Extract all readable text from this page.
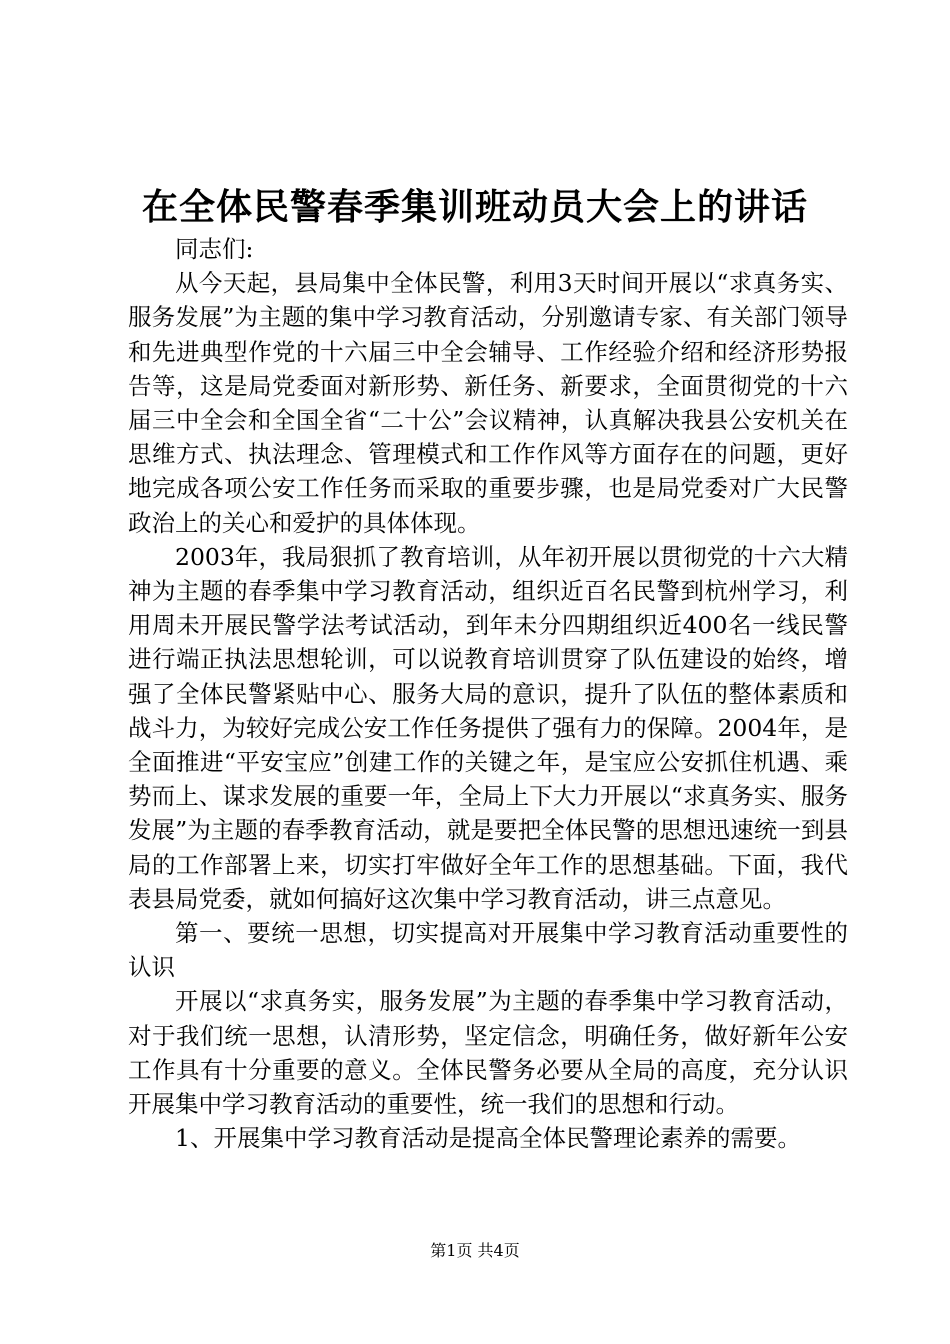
在全体民警春季集训班动员大会上的讲话

同志们:

从今天起，县局集中全体民警，利用3天时间开展以“求真务实、服务发展”为主题的集中学习教育活动，分别邀请专家、有关部门领导和先进典型作党的十六届三中全会辅导、工作经验介绍和经济形势报告等，这是局党委面对新形势、新任务、新要求，全面贯彻党的十六届三中全会和全国全省“二十公”会议精神，认真解决我县公安机关在思维方式、执法理念、管理模式和工作作风等方面存在的问题，更好地完成各项公安工作任务而采取的重要步骤，也是局党委对广大民警政治上的关心和爱护的具体体现。

2003年，我局狠抓了教育培训，从年初开展以贯彻党的十六大精神为主题的春季集中学习教育活动，组织近百名民警到杭州学习，利用周未开展民警学法考试活动，到年未分四期组织近400名一线民警进行端正执法思想轮训，可以说教育培训贯穿了队伍建设的始终，增强了全体民警紧贴中心、服务大局的意识，提升了队伍的整体素质和战斗力，为较好完成公安工作任务提供了强有力的保障。2004年，是全面推进“平安宝应”创建工作的关键之年，是宝应公安抓住机遇、乘势而上、谋求发展的重要一年，全局上下大力开展以“求真务实、服务发展”为主题的春季教育活动，就是要把全体民警的思想迅速统一到县局的工作部署上来，切实打牢做好全年工作的思想基础。下面，我代表县局党委，就如何搞好这次集中学习教育活动，讲三点意见。

第一、要统一思想，切实提高对开展集中学习教育活动重要性的认识

开展以“求真务实，服务发展”为主题的春季集中学习教育活动，对于我们统一思想，认清形势，坚定信念，明确任务，做好新年公安工作具有十分重要的意义。全体民警务必要从全局的高度，充分认识开展集中学习教育活动的重要性，统一我们的思想和行动。

1、开展集中学习教育活动是提高全体民警理论素养的需要。

第1页 共4页
